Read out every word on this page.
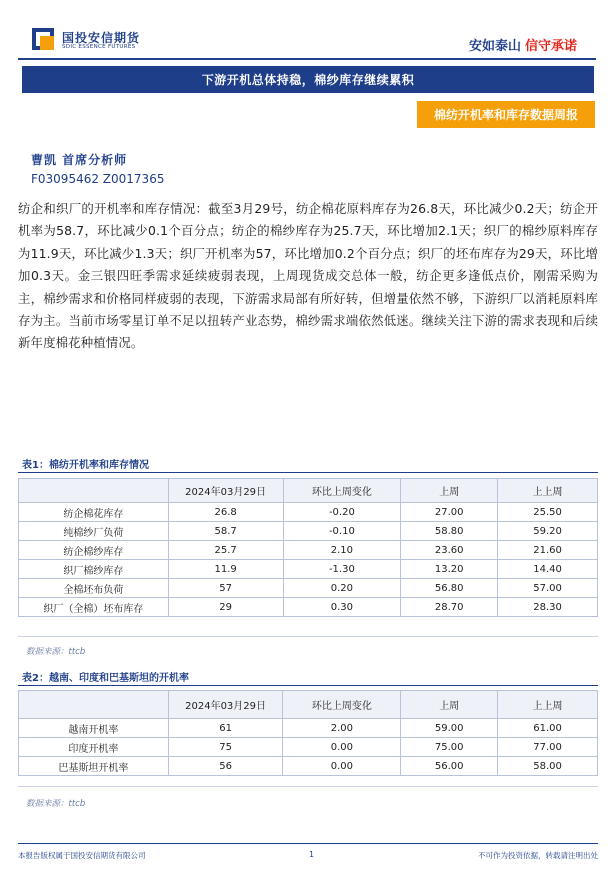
国投安信期货
SDIC ESSENCE FUTURES	安如泰山 信守承诺
下游开机总体持稳，棉纱库存继续累积
棉纺开机率和库存数据周报
曹凯 首席分析师
F03095462 Z0017365
纺企和织厂的开机率和库存情况：截至3月29号，纺企棉花原料库存为26.8天，环比减少0.2天；纺企开机率为58.7，环比减少0.1个百分点；纺企的棉纱库存为25.7天，环比增加2.1天；织厂的棉纱原料库存为11.9天，环比减少1.3天；织厂开机率为57，环比增加0.2个百分点；织厂的坯布库存为29天，环比增加0.3天。金三银四旺季需求延续疲弱表现，上周现货成交总体一般，纺企更多逢低点价，刚需采购为主，棉纱需求和价格同样疲弱的表现，下游需求局部有所好转，但增量依然不够，下游织厂以消耗原料库存为主。当前市场零星订单不足以扭转产业态势，棉纱需求端依然低迷。继续关注下游的需求表现和后续新年度棉花种植情况。
表1：棉纺开机率和库存情况
	2024年03月29日	环比上周变化	上周	上上周
纺企棉花库存	26.8	-0.20	27.00	25.50
纯棉纱厂负荷	58.7	-0.10	58.80	59.20
纺企棉纱库存	25.7	2.10	23.60	21.60
织厂棉纱库存	11.9	-1.30	13.20	14.40
全棉坯布负荷	57	0.20	56.80	57.00
织厂（全棉）坯布库存	29	0.30	28.70	28.30
数据来源：ttcb
表2：越南、印度和巴基斯坦的开机率
	2024年03月29日	环比上周变化	上周	上上周
越南开机率	61	2.00	59.00	61.00
印度开机率	75	0.00	75.00	77.00
巴基斯坦开机率	56	0.00	56.00	58.00
数据来源：ttcb
本报告版权属于国投安信期货有限公司	1	不可作为投资依据，转载请注明出处
